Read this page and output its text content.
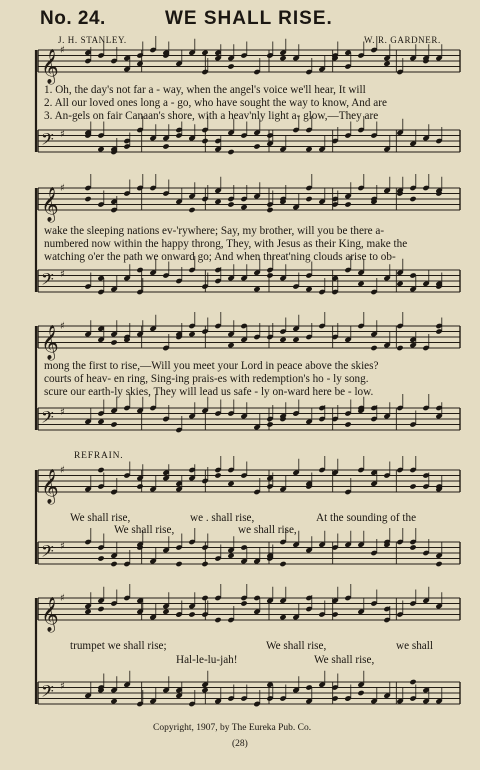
No. 24.	WE SHALL RISE.
J. H. STANLEY.	W. R. GARDNER.
𝄞 ♯
𝄢 ♯
𝄞 ♯
𝄢 ♯
𝄞 ♯
𝄢 ♯
𝄞 ♯
𝄢 ♯
𝄞 ♯
𝄢 ♯
1. Oh, the day's not far a - way, when the angel's voice we'll hear, It will
2. All our loved ones long a - go, who have sought the way to know, And are
3. An-gels on fair Canaan's shore, with a heav'nly light a- glow,—They are
wake the sleeping nations ev-'rywhere; Say, my brother, will you be there a-
numbered now within the happy throng, They, with Jesus as their King, make the
watching o'er the path we onward go; And when threat'ning clouds arise to ob-
mong the first to rise,—Will you meet your Lord in peace above the skies?
courts of heav- en ring, Sing-ing prais-es with redemption's ho - ly song.
scure our earth-ly skies, They will lead us safe - ly on-ward here be - low.
REFRAIN.
We shall rise,	we . shall rise,	At the sounding of the
We shall rise,	we shall rise,
trumpet we shall rise;	We shall rise,	we shall
Hal-le-lu-jah!	We shall rise,
Copyright, 1907, by The Eureka Pub. Co.
(28)
